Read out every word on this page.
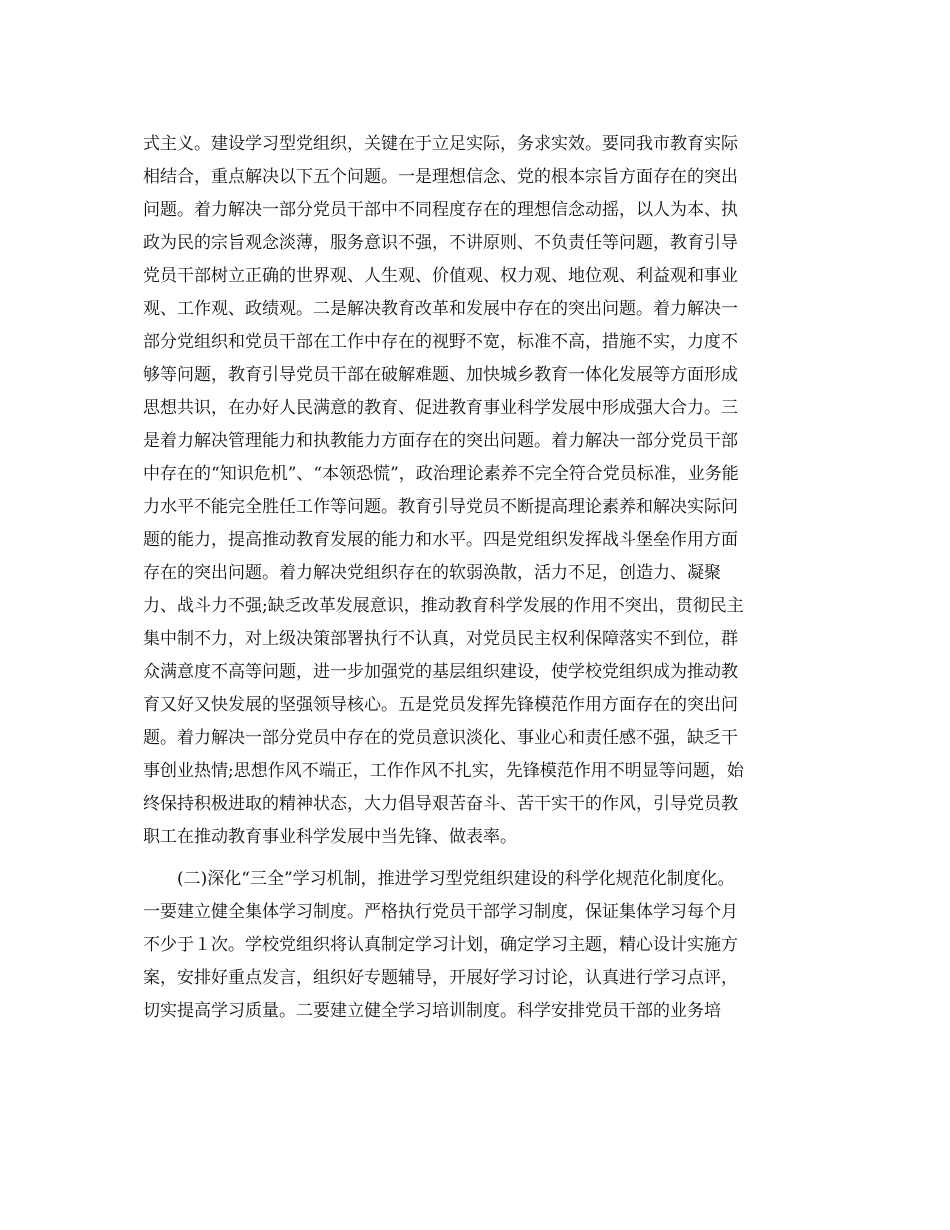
式主义。建设学习型党组织，关键在于立足实际，务求实效。要同我市教育实际
相结合，重点解决以下五个问题。一是理想信念、党的根本宗旨方面存在的突出
问题。着力解决一部分党员干部中不同程度存在的理想信念动摇，以人为本、执
政为民的宗旨观念淡薄，服务意识不强，不讲原则、不负责任等问题，教育引导
党员干部树立正确的世界观、人生观、价值观、权力观、地位观、利益观和事业
观、工作观、政绩观。二是解决教育改革和发展中存在的突出问题。着力解决一
部分党组织和党员干部在工作中存在的视野不宽，标准不高，措施不实，力度不
够等问题，教育引导党员干部在破解难题、加快城乡教育一体化发展等方面形成
思想共识，在办好人民满意的教育、促进教育事业科学发展中形成强大合力。三
是着力解决管理能力和执教能力方面存在的突出问题。着力解决一部分党员干部
中存在的“知识危机”、“本领恐慌”，政治理论素养不完全符合党员标准，业务能
力水平不能完全胜任工作等问题。教育引导党员不断提高理论素养和解决实际问
题的能力，提高推动教育发展的能力和水平。四是党组织发挥战斗堡垒作用方面
存在的突出问题。着力解决党组织存在的软弱涣散，活力不足，创造力、凝聚
力、战斗力不强;缺乏改革发展意识，推动教育科学发展的作用不突出，贯彻民主
集中制不力，对上级决策部署执行不认真，对党员民主权利保障落实不到位，群
众满意度不高等问题，进一步加强党的基层组织建设，使学校党组织成为推动教
育又好又快发展的坚强领导核心。五是党员发挥先锋模范作用方面存在的突出问
题。着力解决一部分党员中存在的党员意识淡化、事业心和责任感不强，缺乏干
事创业热情;思想作风不端正，工作作风不扎实，先锋模范作用不明显等问题，始
终保持积极进取的精神状态，大力倡导艰苦奋斗、苦干实干的作风，引导党员教
职工在推动教育事业科学发展中当先锋、做表率。
(二)深化“三全”学习机制，推进学习型党组织建设的科学化规范化制度化。
一要建立健全集体学习制度。严格执行党员干部学习制度，保证集体学习每个月
不少于１次。学校党组织将认真制定学习计划，确定学习主题，精心设计实施方
案，安排好重点发言，组织好专题辅导，开展好学习讨论，认真进行学习点评，
切实提高学习质量。二要建立健全学习培训制度。科学安排党员干部的业务培
